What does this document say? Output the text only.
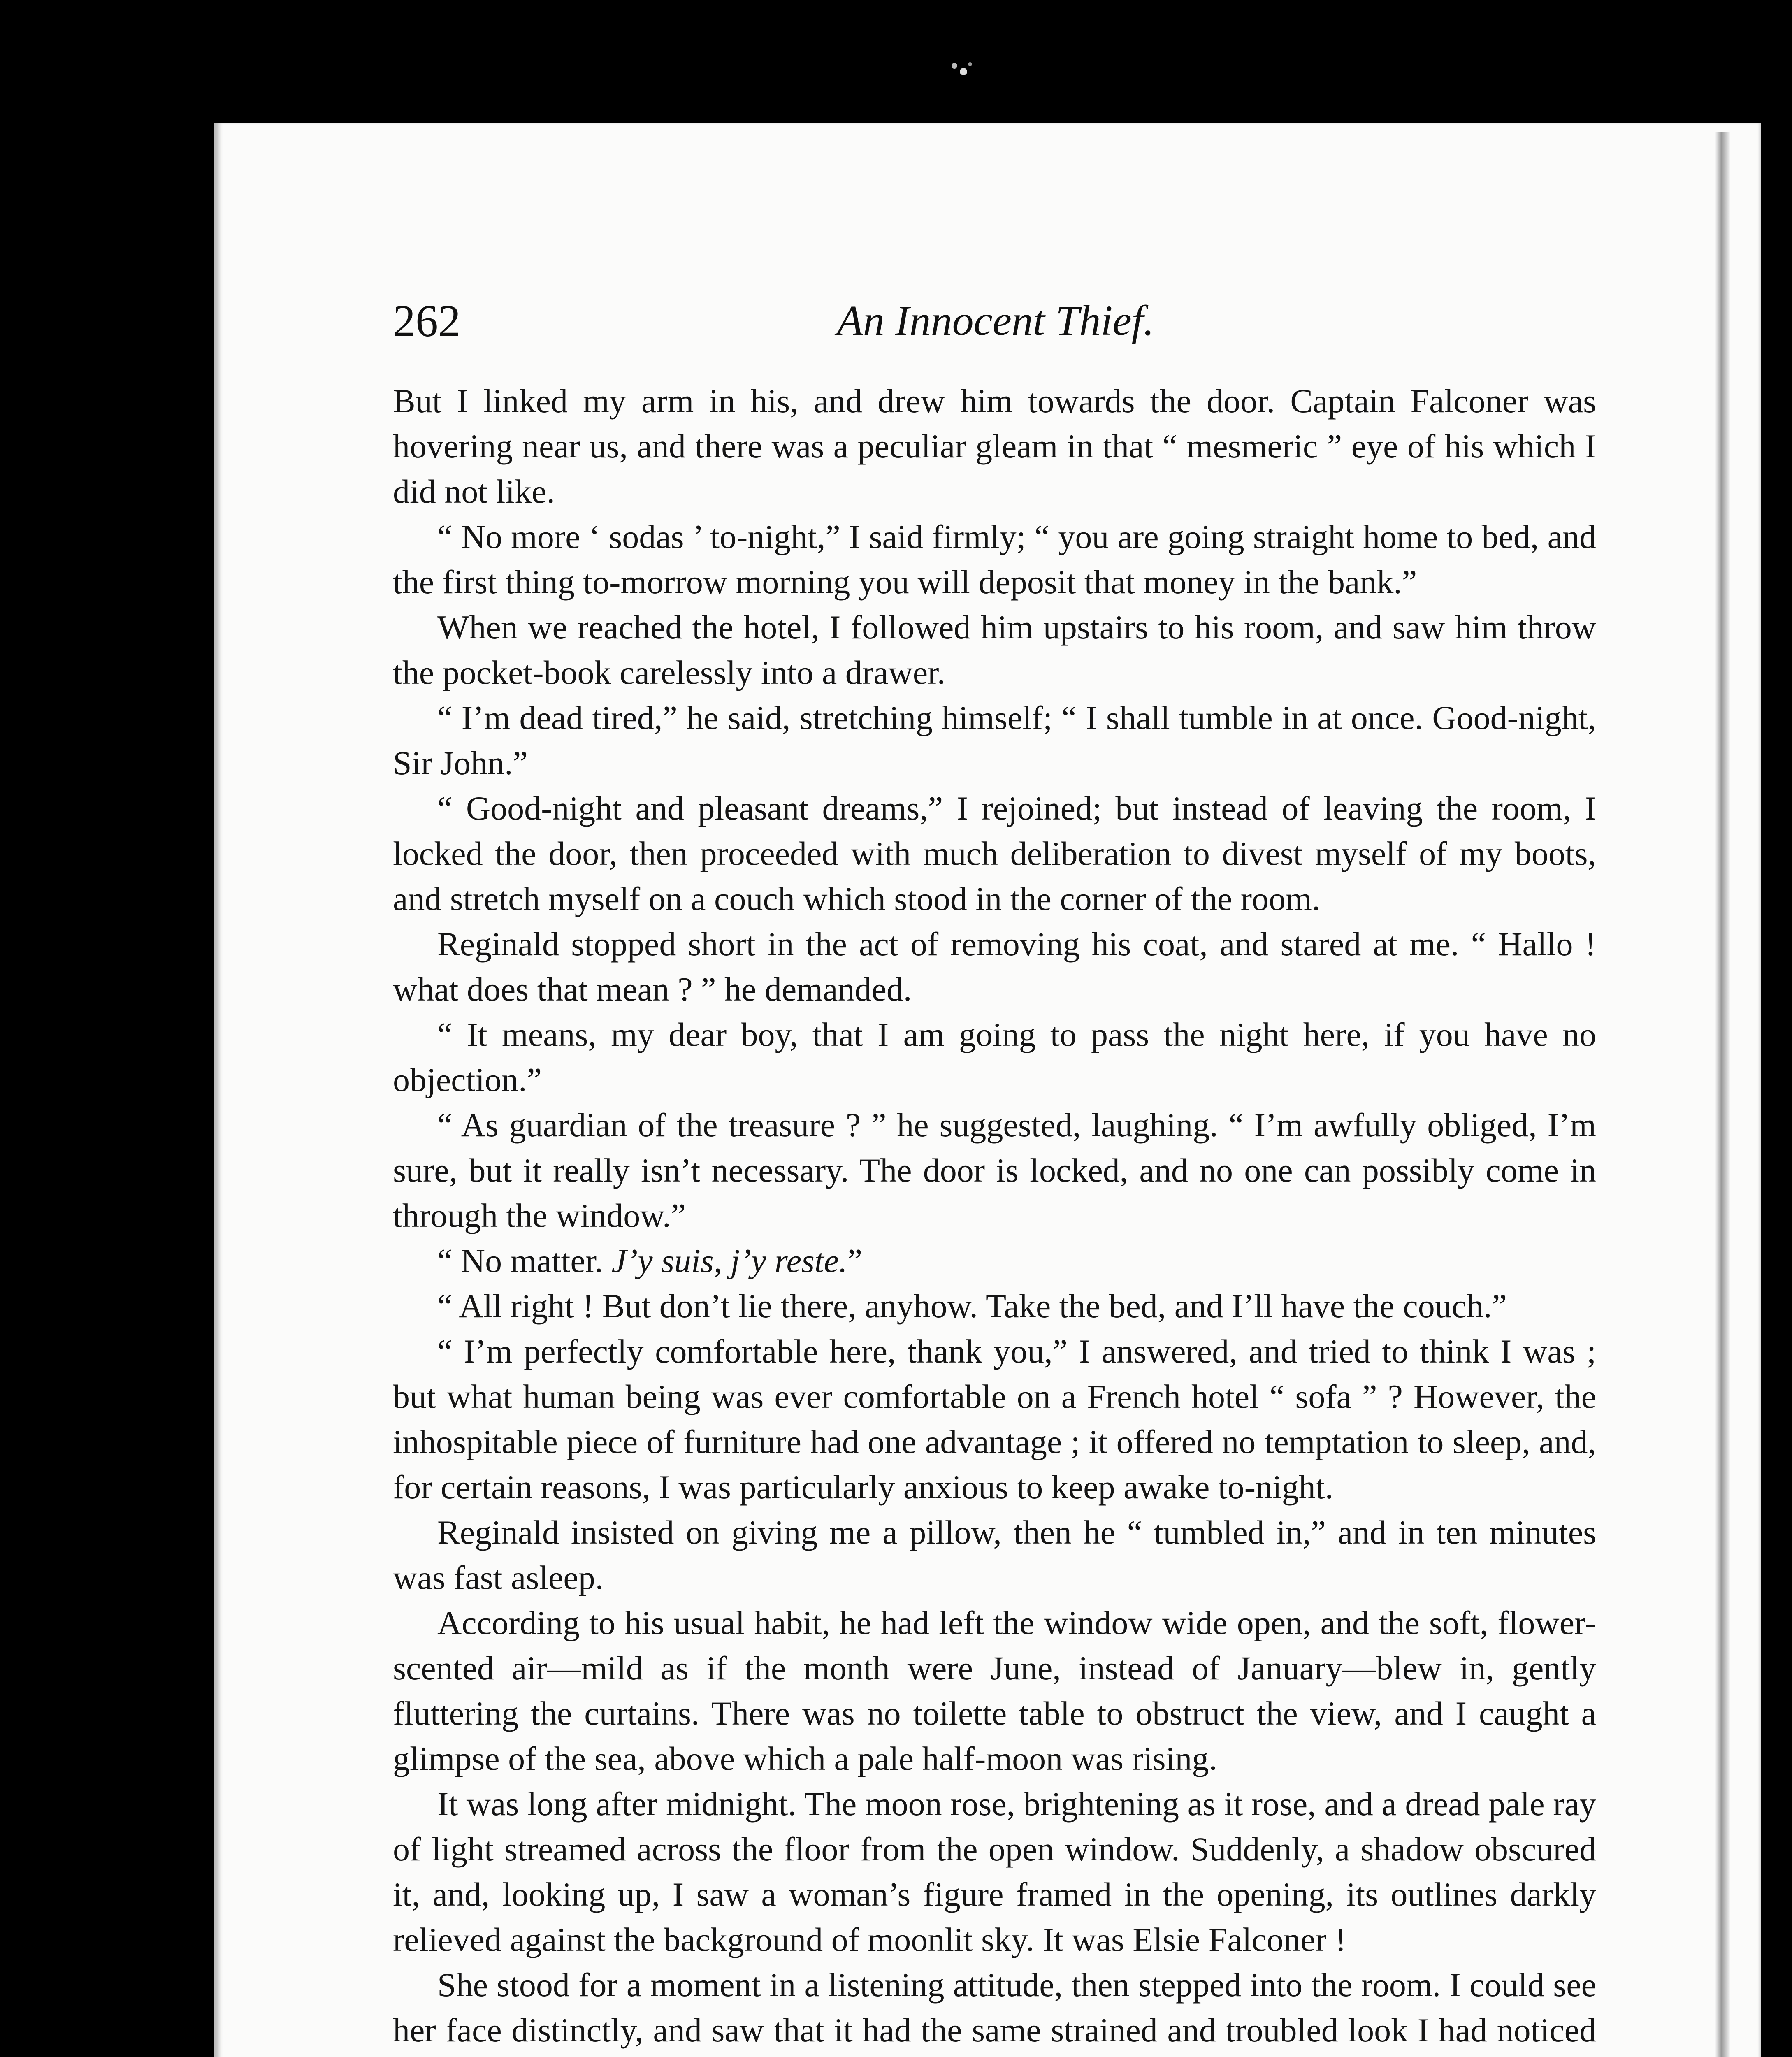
262	An Innocent Thief.

But I linked my arm in his, and drew him towards the door. Captain Falconer was hovering near us, and there was a peculiar gleam in that “ mesmeric ” eye of his which I did not like.

“ No more ‘ sodas ’ to-night,” I said firmly; “ you are going straight home to bed, and the first thing to-morrow morning you will deposit that money in the bank.”

When we reached the hotel, I followed him upstairs to his room, and saw him throw the pocket-book carelessly into a drawer.

“ I’m dead tired,” he said, stretching himself; “ I shall tumble in at once. Good-night, Sir John.”

“ Good-night and pleasant dreams,” I rejoined; but instead of leaving the room, I locked the door, then proceeded with much deliberation to divest myself of my boots, and stretch myself on a couch which stood in the corner of the room.

Reginald stopped short in the act of removing his coat, and stared at me. “ Hallo ! what does that mean ? ” he demanded.

“ It means, my dear boy, that I am going to pass the night here, if you have no objection.”

“ As guardian of the treasure ? ” he suggested, laughing. “ I’m awfully obliged, I’m sure, but it really isn’t necessary. The door is locked, and no one can possibly come in through the window.”

“ No matter. J’y suis, j’y reste.”

“ All right ! But don’t lie there, anyhow. Take the bed, and I’ll have the couch.”

“ I’m perfectly comfortable here, thank you,” I answered, and tried to think I was ; but what human being was ever comfortable on a French hotel “ sofa ” ? However, the inhospitable piece of furniture had one advantage ; it offered no temptation to sleep, and, for certain reasons, I was particularly anxious to keep awake to-night.

Reginald insisted on giving me a pillow, then he “ tumbled in,” and in ten minutes was fast asleep.

According to his usual habit, he had left the window wide open, and the soft, flower-scented air—mild as if the month were June, instead of January—blew in, gently fluttering the curtains. There was no toilette table to obstruct the view, and I caught a glimpse of the sea, above which a pale half-moon was rising.

It was long after midnight. The moon rose, brightening as it rose, and a dread pale ray of light streamed across the floor from the open window. Suddenly, a shadow obscured it, and, looking up, I saw a woman’s figure framed in the opening, its outlines darkly relieved against the background of moonlit sky. It was Elsie Falconer !

She stood for a moment in a listening attitude, then stepped into the room. I could see her face distinctly, and saw that it had the same strained and troubled look I had noticed
